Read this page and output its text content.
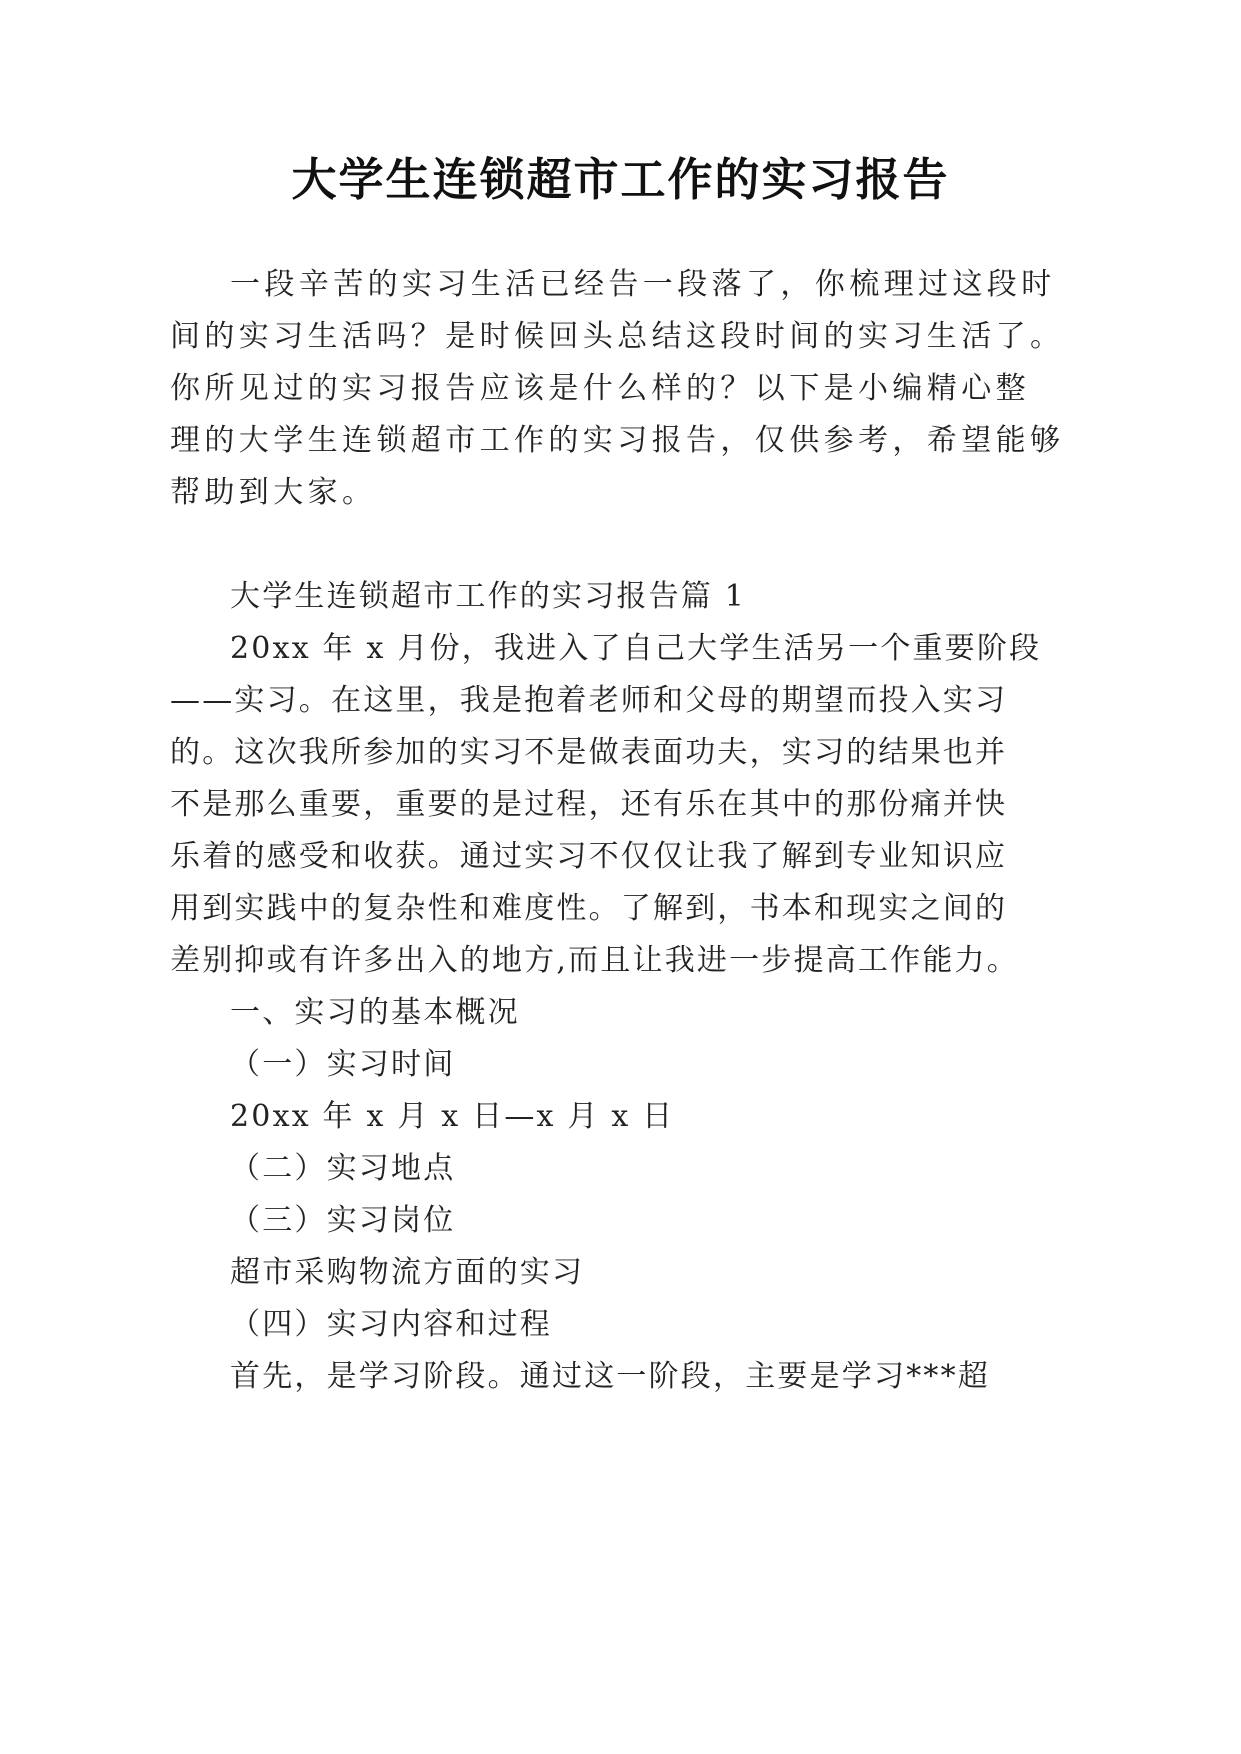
大学生连锁超市工作的实习报告

一段辛苦的实习生活已经告一段落了，你梳理过这段时

间的实习生活吗？是时候回头总结这段时间的实习生活了。

你所见过的实习报告应该是什么样的？以下是小编精心整

理的大学生连锁超市工作的实习报告，仅供参考，希望能够

帮助到大家。

大学生连锁超市工作的实习报告篇 1

20xx 年 x 月份，我进入了自己大学生活另一个重要阶段

——实习。在这里，我是抱着老师和父母的期望而投入实习

的。这次我所参加的实习不是做表面功夫，实习的结果也并

不是那么重要，重要的是过程，还有乐在其中的那份痛并快

乐着的感受和收获。通过实习不仅仅让我了解到专业知识应

用到实践中的复杂性和难度性。了解到，书本和现实之间的

差别抑或有许多出入的地方,而且让我进一步提高工作能力。

一、实习的基本概况

（一）实习时间

20xx 年 x 月 x 日—x 月 x 日

（二）实习地点

（三）实习岗位

超市采购物流方面的实习

（四）实习内容和过程

首先，是学习阶段。通过这一阶段，主要是学习***超
